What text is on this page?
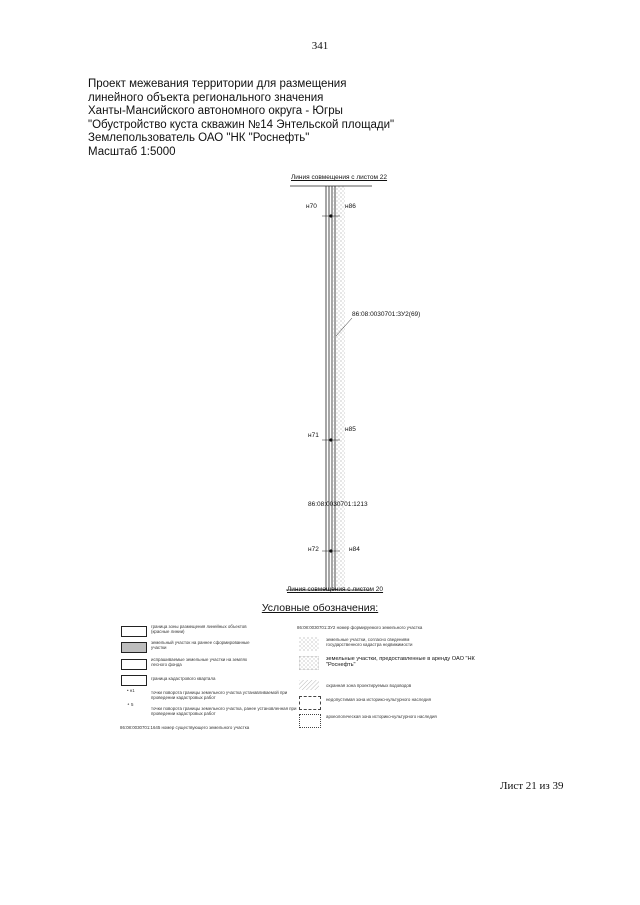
341
Проект межевания территории для размещения
линейного объекта регионального значения
Ханты-Мансийского автономного округа - Югры
"Обустройство куста скважин №14 Энтельской площади"
Землепользователь ОАО "НК "Роснефть"
Масштаб 1:5000
Линия совмещения с листом 22
н70	н86
86:08:0030701:ЗУ2(69)
н71
н85
86:08:0030701:1213
н72	н84
Линия совмещения с листом 20
Условные обозначения:
граница зоны размещения линейных объектов (красные линии)
земельный участок на раннее сформированные участки
испрашиваемые земельные участки на землях лесного фонда
граница кадастрового квартала
• н1	точки поворота границы земельного участка устанавливаемой при проведении кадастровых работ
∘ 5
точки поворота границы земельного участка, ранее установленная при проведении кадастровых работ
86:08:0030701:1645 номер существующего земельного участка
86:08:0030701:ЗУ2 номер формируемого земельного участка
земельные участки, согласно сведениям государственного кадастра недвижимости
земельные участки, предоставленные в аренду ОАО "НК "Роснефть"
охранная зона проектируемых водоводов
недопустимая зона историко-культурного наследия
археологическая зона историко-культурного наследия
Лист 21 из 39
